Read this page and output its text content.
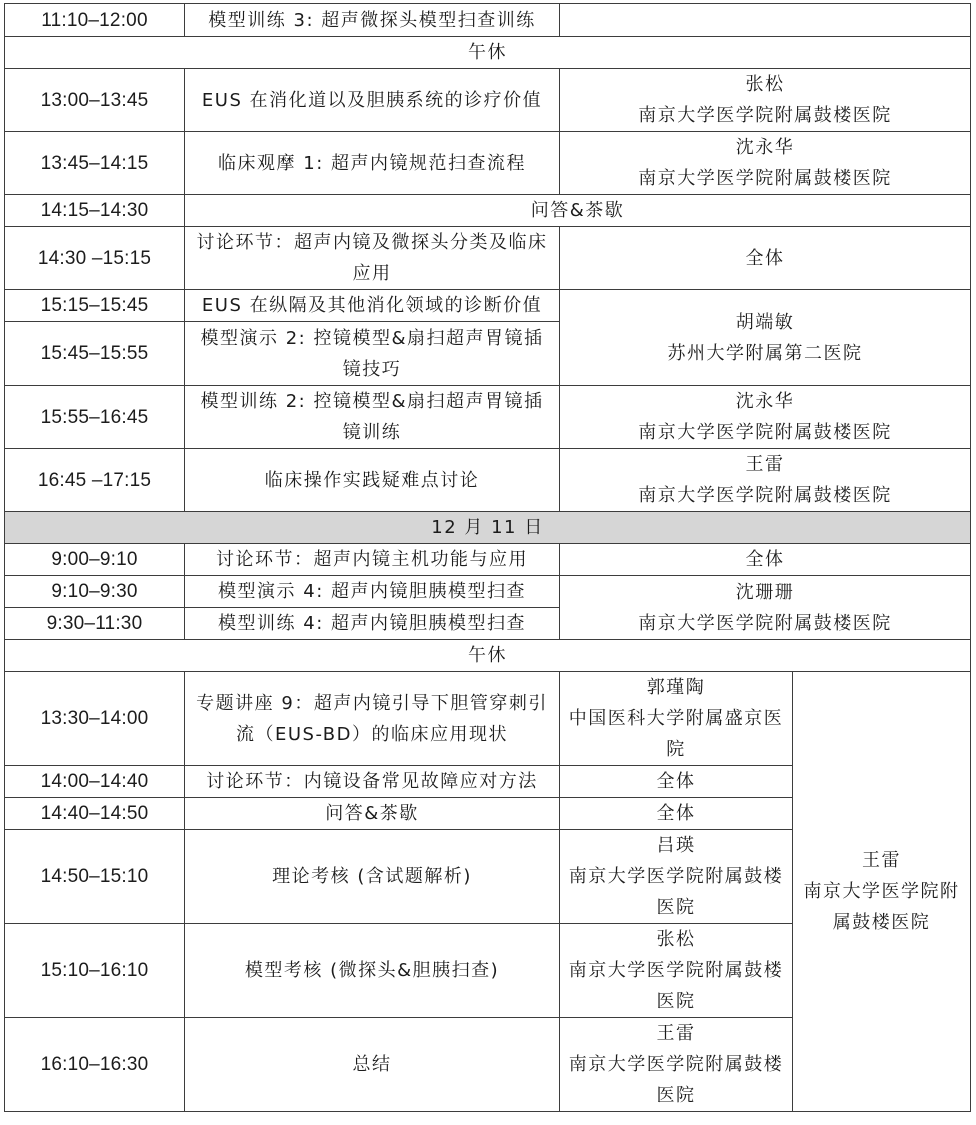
11:10–12:00	模型训练 3: 超声微探头模型扫查训练		
午休			
13:00–13:45	EUS 在消化道以及胆胰系统的诊疗价值	张松
南京大学医学院附属鼓楼医院	

13:45–14:15	临床观摩 1: 超声内镜规范扫查流程	沈永华
南京大学医学院附属鼓楼医院	

14:15–14:30	问答&茶歇		
14:30 –15:15	讨论环节：超声内镜及微探头分类及临床应用	全体	
15:15–15:45	EUS 在纵隔及其他消化领域的诊断价值	胡端敏
苏州大学附属第二医院	

15:45–15:55	模型演示 2: 控镜模型&扇扫超声胃镜插镜技巧		
15:55–16:45	模型训练 2: 控镜模型&扇扫超声胃镜插镜训练	沈永华
南京大学医学院附属鼓楼医院	

16:45 –17:15	临床操作实践疑难点讨论	王雷
南京大学医学院附属鼓楼医院	

12 月 11 日			
9:00–9:10	讨论环节：超声内镜主机功能与应用	全体	
9:10–9:30	模型演示 4: 超声内镜胆胰模型扫查	沈珊珊
南京大学医学院附属鼓楼医院	

9:30–11:30	模型训练 4: 超声内镜胆胰模型扫查		
午休			
13:30–14:00	专题讲座 9：超声内镜引导下胆管穿刺引流（EUS-BD）的临床应用现状	郭瑾陶
中国医科大学附属盛京医院	王雷
南京大学医学院附属鼓楼医院

14:00–14:40	讨论环节：内镜设备常见故障应对方法	全体	
14:40–14:50	问答&茶歇	全体	
14:50–15:10	理论考核 (含试题解析)	吕瑛
南京大学医学院附属鼓楼医院	

15:10–16:10	模型考核 (微探头&胆胰扫查)	张松
南京大学医学院附属鼓楼医院	

16:10–16:30	总结	王雷
南京大学医学院附属鼓楼医院	
